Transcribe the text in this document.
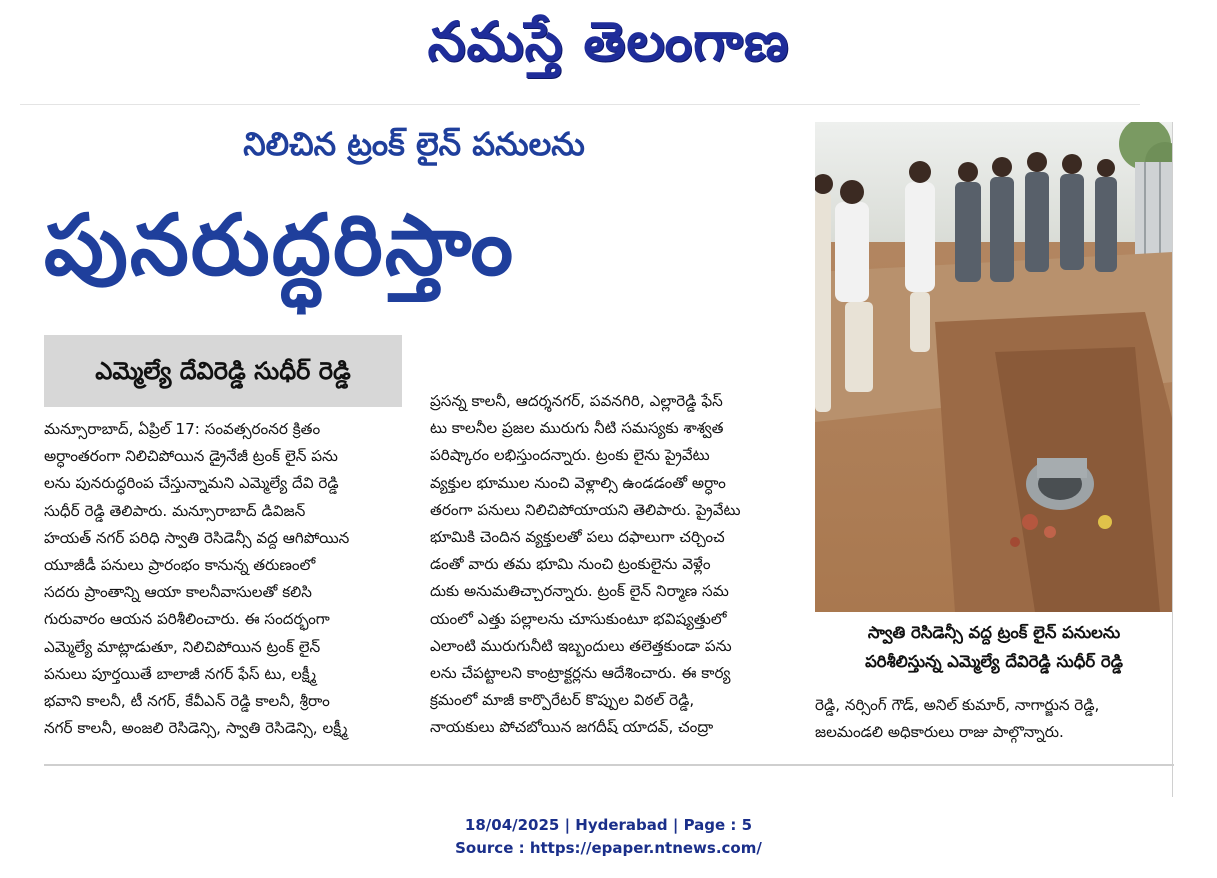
నమస్తే తెలంగాణ
నిలిచిన ట్రంక్ లైన్ పనులను
పునరుద్ధరిస్తాం
ఎమ్మెల్యే దేవిరెడ్డి సుధీర్ రెడ్డి
మన్సూరాబాద్, ఏప్రిల్ 17: సంవత్సరంనర క్రితం
అర్ధాంతరంగా నిలిచిపోయిన డ్రైనేజీ ట్రంక్ లైన్ పను
లను పునరుద్ధరింప చేస్తున్నామని ఎమ్మెల్యే దేవి రెడ్డి
సుధీర్ రెడ్డి తెలిపారు. మన్సూరాబాద్ డివిజన్
హయత్ నగర్ పరిధి స్వాతి రెసిడెన్సీ వద్ద ఆగిపోయిన
యూజీడీ పనులు ప్రారంభం కానున్న తరుణంలో
సదరు ప్రాంతాన్ని ఆయా కాలనీవాసులతో కలిసి
గురువారం ఆయన పరిశీలించారు. ఈ సందర్భంగా
ఎమ్మెల్యే మాట్లాడుతూ, నిలిచిపోయిన ట్రంక్ లైన్
పనులు పూర్తయితే బాలాజీ నగర్ ఫేస్ టు, లక్ష్మీ
భవాని కాలనీ, టీ నగర్, కేవీఎన్ రెడ్డి కాలనీ, శ్రీరాం
నగర్ కాలనీ, అంజలి రెసిడెన్సి, స్వాతి రెసిడెన్సి, లక్ష్మీ
ప్రసన్న కాలనీ, ఆదర్శనగర్, పవనగిరి, ఎల్లారెడ్డి ఫేస్
టు కాలనీల ప్రజల మురుగు నీటి సమస్యకు శాశ్వత
పరిష్కారం లభిస్తుందన్నారు. ట్రంకు లైను ప్రైవేటు
వ్యక్తుల భూముల నుంచి వెళ్లాల్సి ఉండడంతో అర్ధాం
తరంగా పనులు నిలిచిపోయాయని తెలిపారు. ప్రైవేటు
భూమికి చెందిన వ్యక్తులతో పలు దఫాలుగా చర్చించ
డంతో వారు తమ భూమి నుంచి ట్రంకులైను వెళ్లేం
దుకు అనుమతిచ్చారన్నారు. ట్రంక్ లైన్ నిర్మాణ సమ
యంలో ఎత్తు పల్లాలను చూసుకుంటూ భవిష్యత్తులో
ఎలాంటి మురుగునీటి ఇబ్బందులు తలెత్తకుండా పను
లను చేపట్టాలని కాంట్రాక్టర్లను ఆదేశించారు. ఈ కార్య
క్రమంలో మాజీ కార్పొరేటర్ కొప్పుల విఠల్ రెడ్డి,
నాయకులు పోచబోయిన జగదీష్ యాదవ్, చంద్రా
స్వాతి రెసిడెన్సీ వద్ద ట్రంక్ లైన్ పనులను
పరిశీలిస్తున్న ఎమ్మెల్యే దేవిరెడ్డి సుధీర్ రెడ్డి
రెడ్డి, నర్సింగ్ గౌడ్, అనిల్ కుమార్, నాగార్జున రెడ్డి,
జలమండలి అధికారులు రాజు పాల్గొన్నారు.
18/04/2025 | Hyderabad | Page : 5
Source : https://epaper.ntnews.com/
